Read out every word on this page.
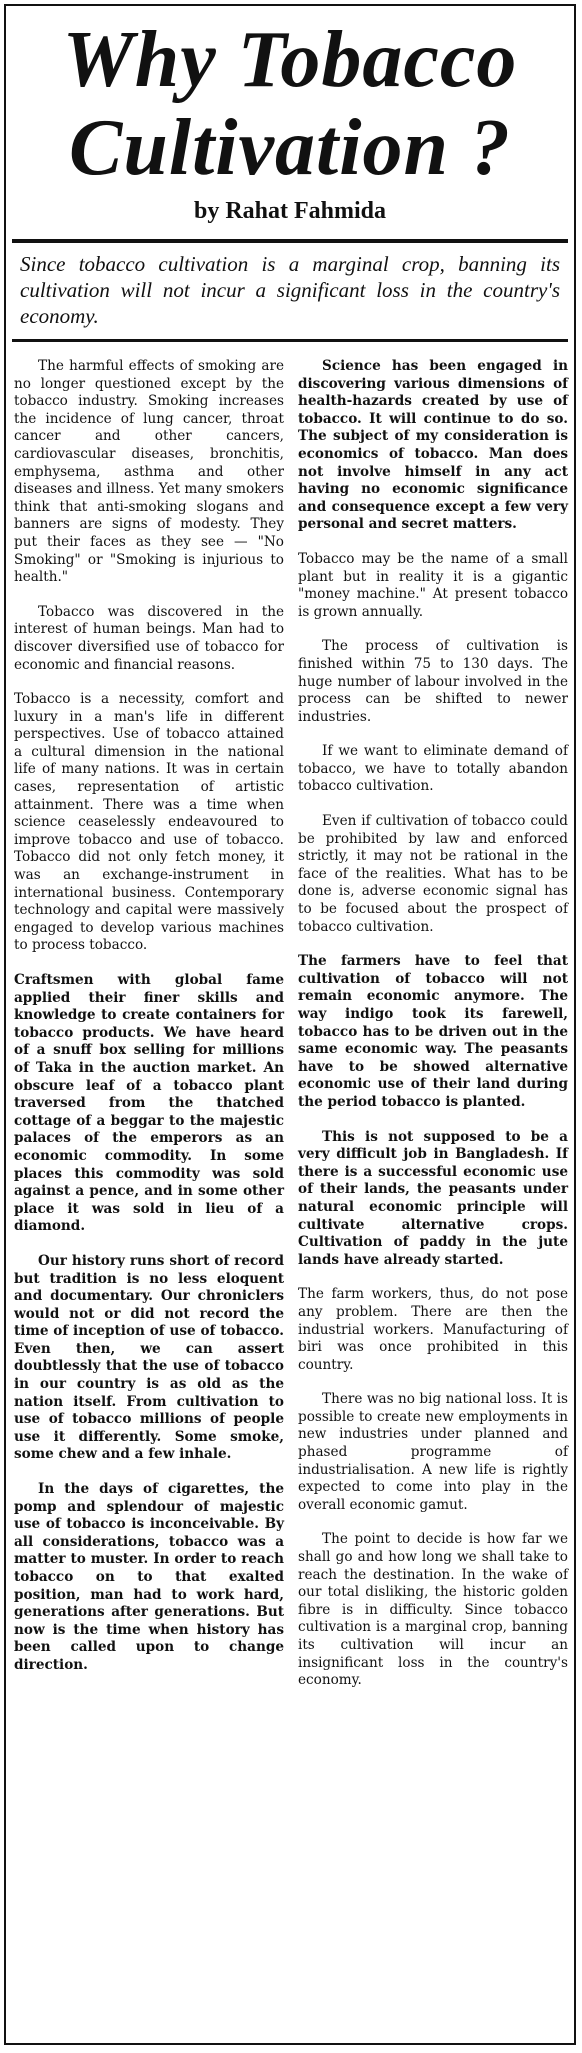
Why Tobacco
Cultivation ?
by Rahat Fahmida
Since tobacco cultivation is a marginal crop, banning its cultivation will not incur a significant loss in the country's economy.

The harmful effects of smoking are no longer questioned except by the tobacco industry. Smoking increases the incidence of lung cancer, throat cancer and other cancers, cardiovascular diseases, bronchitis, emphysema, asthma and other diseases and illness. Yet many smokers think that anti-smoking slogans and banners are signs of modesty. They put their faces as they see — "No Smoking" or "Smoking is injurious to health."

Tobacco was discovered in the interest of human beings. Man had to discover diversified use of tobacco for economic and financial reasons.

Tobacco is a necessity, comfort and luxury in a man's life in different perspectives. Use of tobacco attained a cultural dimension in the national life of many nations. It was in certain cases, representation of artistic attainment. There was a time when science ceaselessly endeavoured to improve tobacco and use of tobacco. Tobacco did not only fetch money, it was an exchange-instrument in international business. Contemporary technology and capital were massively engaged to develop various machines to process tobacco.

Craftsmen with global fame applied their finer skills and knowledge to create containers for tobacco products. We have heard of a snuff box selling for millions of Taka in the auction market. An obscure leaf of a tobacco plant traversed from the thatched cottage of a beggar to the majestic palaces of the emperors as an economic commodity. In some places this commodity was sold against a pence, and in some other place it was sold in lieu of a diamond.

Our history runs short of record but tradition is no less eloquent and documentary. Our chroniclers would not or did not record the time of inception of use of tobacco. Even then, we can assert doubtlessly that the use of tobacco in our country is as old as the nation itself. From cultivation to use of tobacco millions of people use it differently. Some smoke, some chew and a few inhale.

In the days of cigarettes, the pomp and splendour of majestic use of tobacco is inconceivable. By all considerations, tobacco was a matter to muster. In order to reach tobacco on to that exalted position, man had to work hard, generations after generations. But now is the time when history has been called upon to change direction.

Science has been engaged in discovering various dimensions of health-hazards created by use of tobacco. It will continue to do so. The subject of my consideration is economics of tobacco. Man does not involve himself in any act having no economic significance and consequence except a few very personal and secret matters.

Tobacco may be the name of a small plant but in reality it is a gigantic "money machine." At present tobacco is grown annually.

The process of cultivation is finished within 75 to 130 days. The huge number of labour involved in the process can be shifted to newer industries.

If we want to eliminate demand of tobacco, we have to totally abandon tobacco cultivation.

Even if cultivation of tobacco could be prohibited by law and enforced strictly, it may not be rational in the face of the realities. What has to be done is, adverse economic signal has to be focused about the prospect of tobacco cultivation.

The farmers have to feel that cultivation of tobacco will not remain economic anymore. The way indigo took its farewell, tobacco has to be driven out in the same economic way. The peasants have to be showed alternative economic use of their land during the period tobacco is planted.

This is not supposed to be a very difficult job in Bangladesh. If there is a successful economic use of their lands, the peasants under natural economic principle will cultivate alternative crops. Cultivation of paddy in the jute lands have already started.

The farm workers, thus, do not pose any problem. There are then the industrial workers. Manufacturing of biri was once prohibited in this country.

There was no big national loss. It is possible to create new employments in new industries under planned and phased programme of industrialisation. A new life is rightly expected to come into play in the overall economic gamut.

The point to decide is how far we shall go and how long we shall take to reach the destination. In the wake of our total disliking, the historic golden fibre is in difficulty. Since tobacco cultivation is a marginal crop, banning its cultivation will incur an insignificant loss in the country's economy.
